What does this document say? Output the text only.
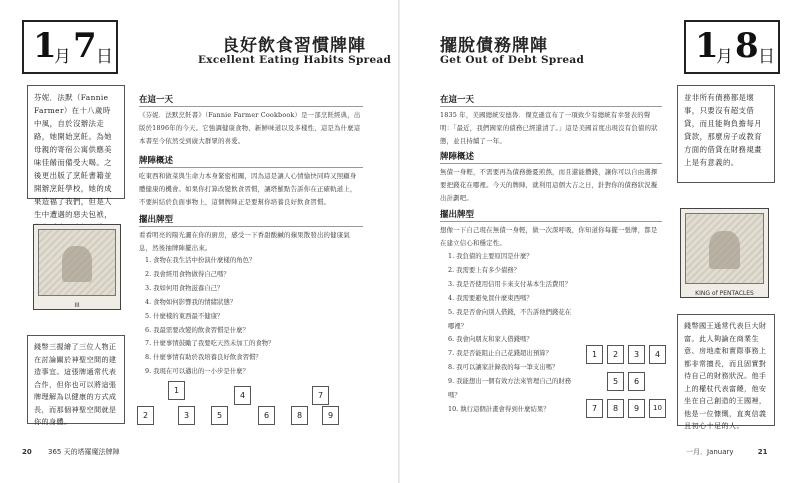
1
月 7 日
良好飲食習慣牌陣
Excellent Eating Habits Spread
芬妮．法默（Fannie Farmer）在十八歲時中風，自於沒辦法走路，她開始烹飪。為她母親的寄宿公寓供應美味佳餚而備受大喝。之後更出版了烹飪書籍並開辦烹飪學校，她的成果造福了我們，但是人生中遭遇的惡夫包袱，
III
錢幣三握繪了三位人物正在討論關於神聖空間的建造事宜。這張牌通常代表合作，但你也可以將這張牌理解為以健康的方式成長，而那個神聖空間就是你的身體。
在這一天
《芬妮．法默烹飪書》（Fannie Farmer Cookbook）是一部烹飪經典，出版於1896年的今天。它強調健康食物、新鮮味道以及多樣性，這是為什麼這本書至今依然受到廣大群眾的喜愛。
牌陣概述
吃東西和做菜與生命力本身緊密相關，因為這是讓人心情愉快同時又照顧身體健康的機會。如果你打算改變飲食習慣，讓塔羅點告訴你在正確軌道上，不要糾結於負面事物上，這個牌陣正是要幫你培養良好飲食習慣。
擺出牌型
看看明亮的陽光灑在你的廚房，感受一下香甜酸鹹的蘋果散發出的健康氣息，然後抽牌陣擺出來。
1. 食物在我生活中扮演什麼樣的角色？
2. 我會經用食物做得自己嗎？
3. 我如何用食物滋養自己？
4. 食物如何影響我的情緒狀態？
5. 什麼樣的東西最不健康？
6. 我最需要改變的飲食習慣是什麼？
7. 什麼事情鼓勵了我要吃天然未加工的食物？
8. 什麼事情有助於我培養良好飲食習慣？
9. 我現在可以邁出的一小步是什麼？
1
2	3
4
5	6
7
8	9
20 365 天的塔羅魔法牌陣
擺脫債務牌陣
Get Out of Debt Spread	1
月 8 日
在這一天
1835 年，美國總統安德魯．傑克遜宣布了一項致少有總統有幸發表的聲明：「最近，我們國家的債務已經還清了。」這是美國首度出現沒有負債的狀態，並且持續了一年。
牌陣概述
無債一身輕，不需要再為債務擔憂煎熬，而且還能攢錢，讓你可以自由選擇要把錢花在哪裡。今天的牌陣，就利用這個大吉之日，針對你的債務狀況擬出計劃吧。
擺出牌型
想像一下自己現在無債一身輕，做一次深呼吸，你知道你每擺一張牌，都是在建立信心和穩定性。
1. 我負債的主要原因是什麼？
2. 我需要上有多少債務？
3. 我是否使用信用卡來支付基本生活費用？
4. 我需要避免買什麼東西嗎？
5. 我是否會向別人借錢，不告訴他們錢花在哪裡？
6. 我會向朋友和家人借錢嗎？
7. 我是否能阻止自己花錢超出預算？
8. 我可以讓家計錄我的每一筆支出嗎？
9. 我能想出一個有效方法來管理自己的財務嗎？
10. 執行這個計畫會得到什麼結果？
1	2	3	4
5	6
7	8	9	10
並非所有債務都是壞事，只要沒有超支借貸，而且能夠負擔每月貸款，那麼房子或教育方面的借貸在財務規畫上是有意義的。
KING of PENTACLES
錢幣國王通常代表巨大財富。此人夠論在商業生意、房地產和實際事務上都非常擅長，而且固實對待自己的財務狀況。他手上的權杖代表富饒，他安坐在自己創造的王國裡，他是一位慷慨，直爽信義且初心十足的人。
一月．January	21
